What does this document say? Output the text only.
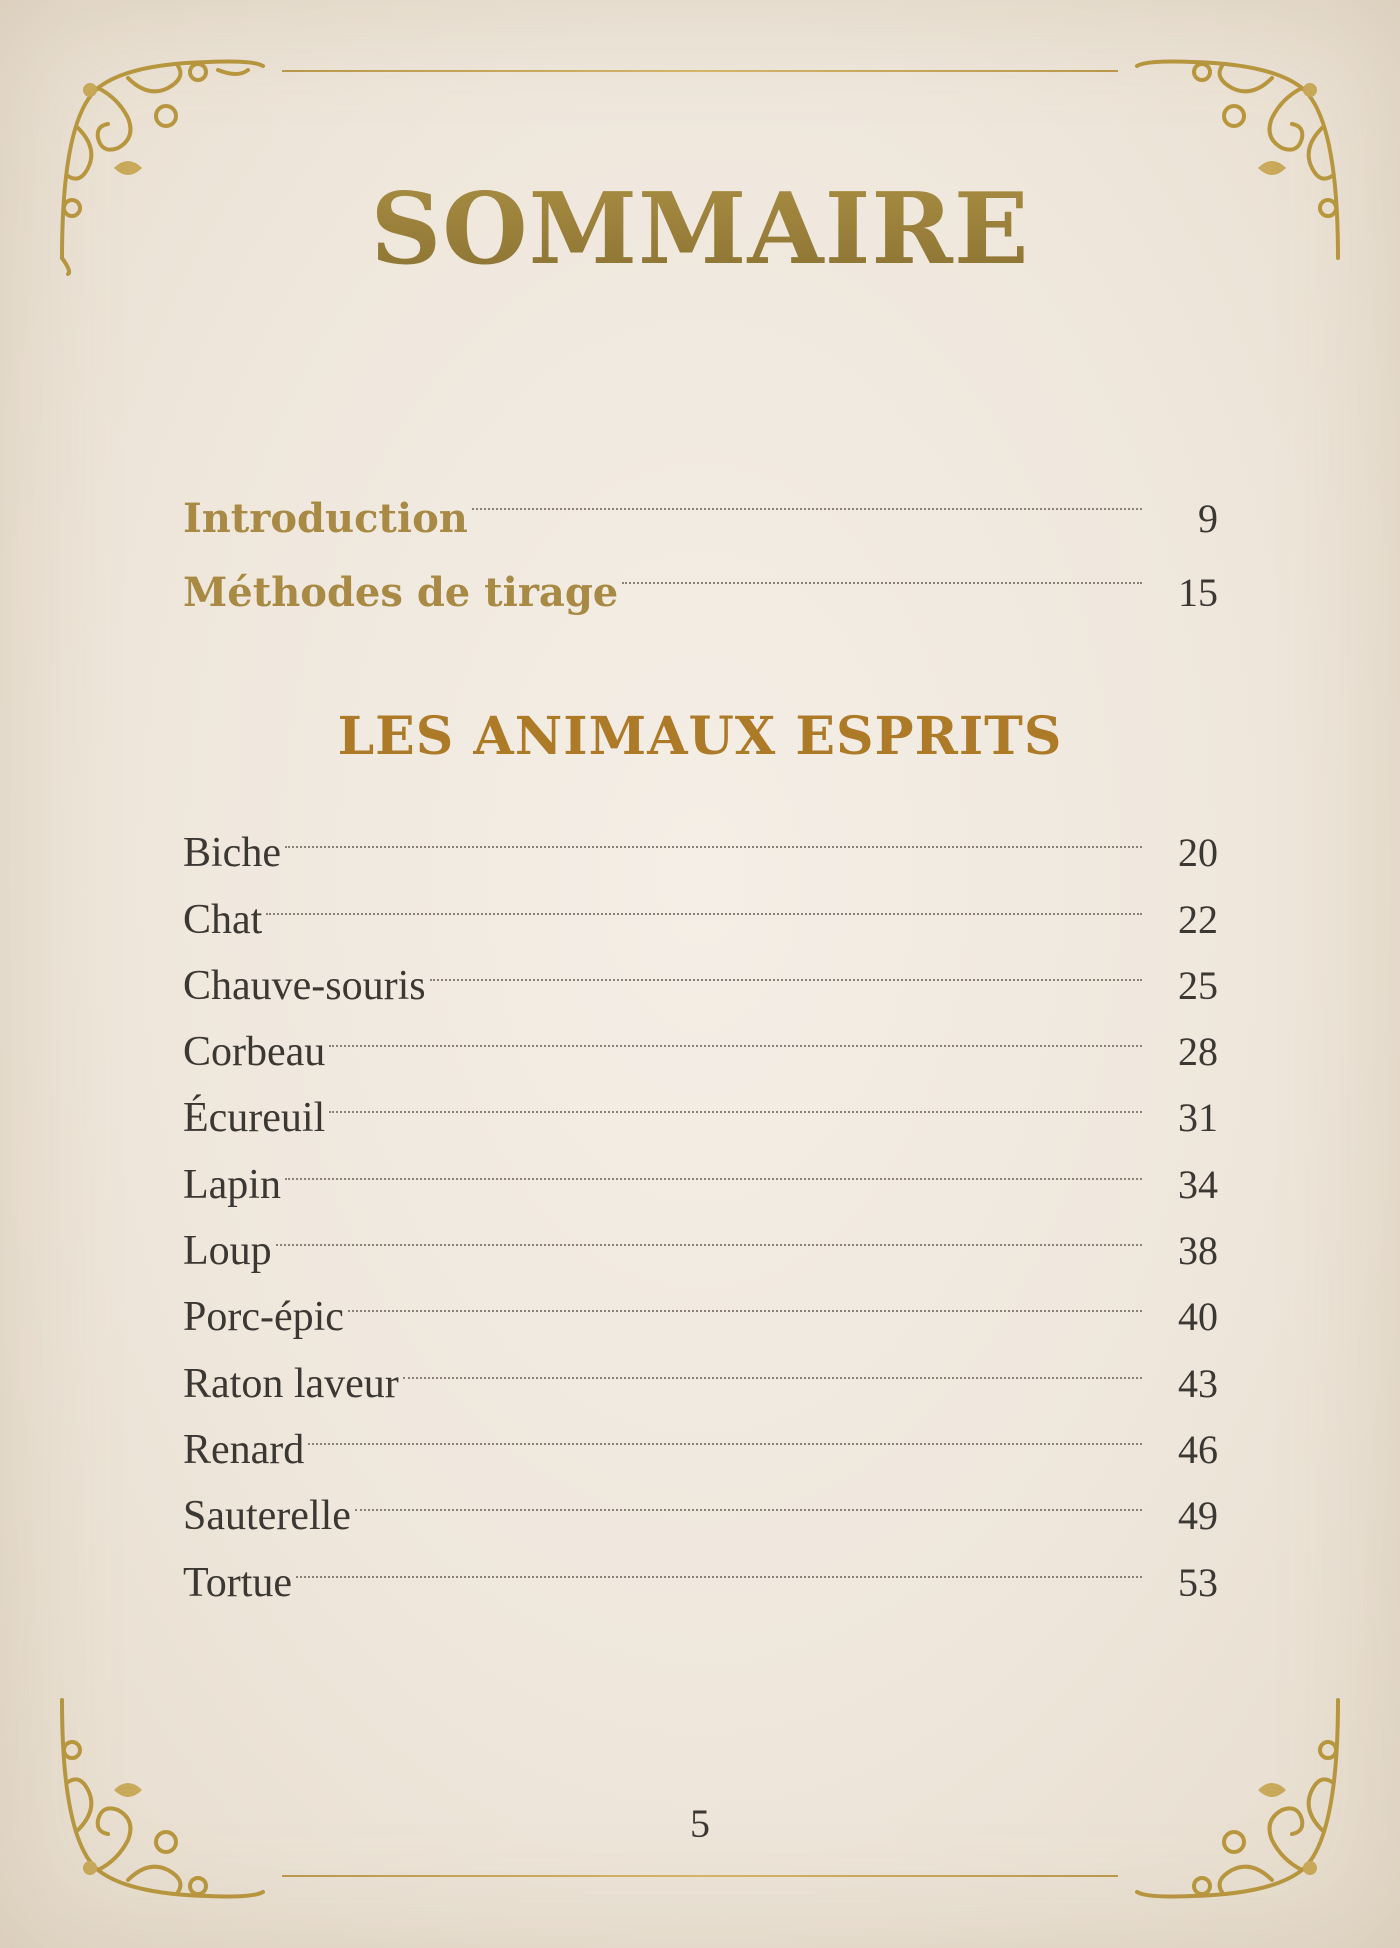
SOMMAIRE
Introduction	9
Méthodes de tirage	15
LES ANIMAUX ESPRITS
Biche	20
Chat	22
Chauve-souris	25
Corbeau	28
Écureuil	31
Lapin	34
Loup	38
Porc-épic	40
Raton laveur	43
Renard	46
Sauterelle	49
Tortue	53
5
